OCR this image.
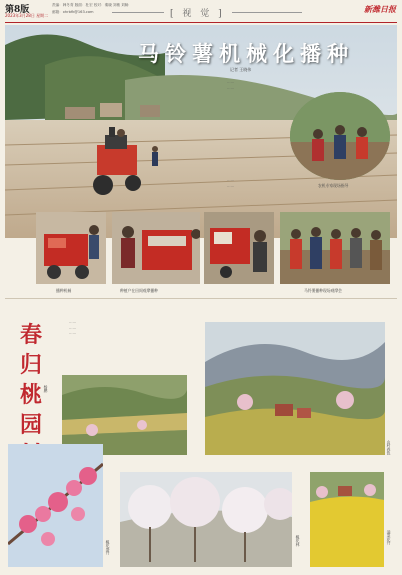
第8版
2023年3月28日 星期二
责编：韩冬青 版面：杜宏 校对：秦晓 刘敏 刘畅
邮箱：xhrbfk@163.com	[ 视 觉 ]	新潍日报
马铃薯机械化播种
记者 王晓伟

……

……

农机专家现场指导

……

……

播种机械	种植户在田间观摩播种	马铃薯播种现场观摩会
春
归
桃
园
杨鹏

……

……

……

山村春色
桃花盛开	桃花林	油菜花开
